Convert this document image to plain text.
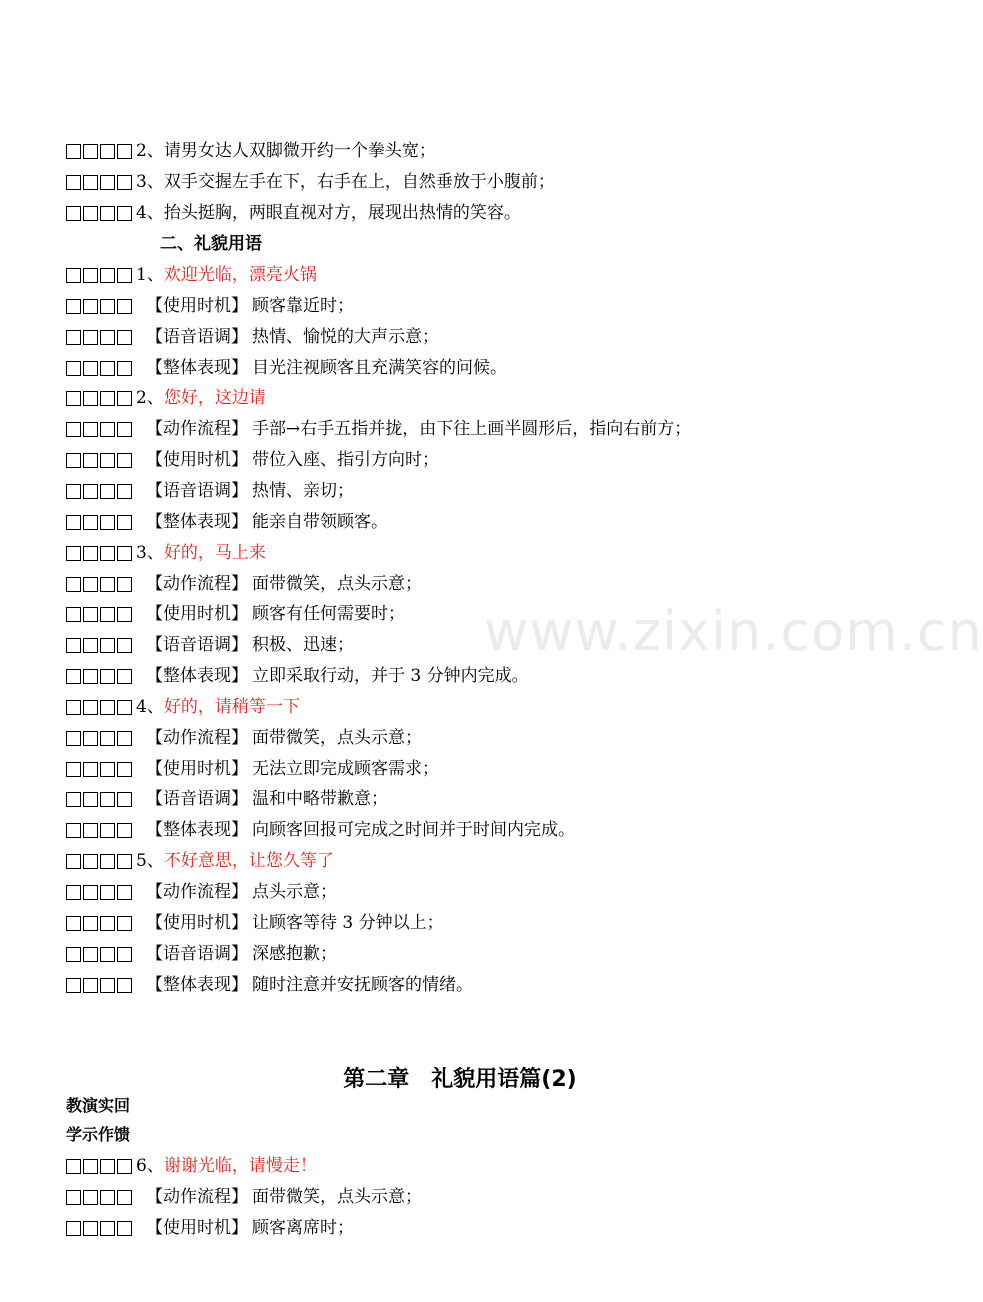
www.zixin.com.cn
2、 请男女达人双脚微开约一个拳头宽；
3、 双手交握左手在下，右手在上，自然垂放于小腹前；
4、 抬头挺胸，两眼直视对方，展现出热情的笑容。
二、礼貌用语
1、 欢迎光临，漂亮火锅
【使用时机】 顾客靠近时；
【语音语调】 热情、愉悦的大声示意；
【整体表现】 目光注视顾客且充满笑容的问候。
2、 您好，这边请
【动作流程】 手部→右手五指并拢，由下往上画半圆形后，指向右前方；
【使用时机】 带位入座、指引方向时；
【语音语调】 热情、亲切；
【整体表现】 能亲自带领顾客。
3、 好的，马上来
【动作流程】 面带微笑，点头示意；
【使用时机】 顾客有任何需要时；
【语音语调】 积极、迅速；
【整体表现】 立即采取行动，并于 3 分钟内完成。
4、 好的，请稍等一下
【动作流程】 面带微笑，点头示意；
【使用时机】 无法立即完成顾客需求；
【语音语调】 温和中略带歉意；
【整体表现】 向顾客回报可完成之时间并于时间内完成。
5、 不好意思，让您久等了
【动作流程】 点头示意；
【使用时机】 让顾客等待 3 分钟以上；
【语音语调】 深感抱歉；
【整体表现】 随时注意并安抚顾客的情绪。
第二章　礼貌用语篇(2)
教演实回
学示作馈
6、 谢谢光临，请慢走！
【动作流程】 面带微笑，点头示意；
【使用时机】 顾客离席时；
